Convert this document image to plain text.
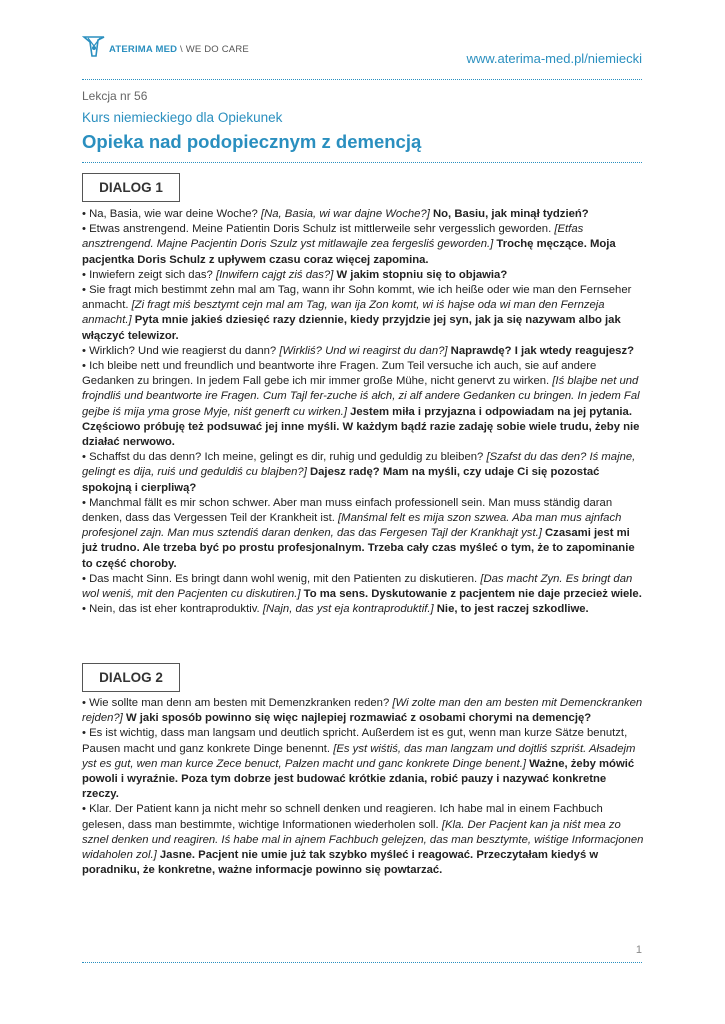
ATERIMA MED \ WE DO CARE
www.aterima-med.pl/niemiecki
Lekcja nr 56
Kurs niemieckiego dla Opiekunek
Opieka nad podopiecznym z demencją
DIALOG 1

• Na, Basia, wie war deine Woche? [Na, Basia, wi war dajne Woche?] No, Basiu, jak minął tydzień?

• Etwas anstrengend. Meine Patientin Doris Schulz ist mittlerweile sehr vergesslich geworden. [Etfas ansztrengend. Majne Pacjentin Doris Szulz yst mitlawajle zea fergesliś geworden.] Trochę męczące. Moja pacjentka Doris Schulz z upływem czasu coraz więcej zapomina.

• Inwiefern zeigt sich das? [Inwifern cajgt ziś das?] W jakim stopniu się to objawia?

• Sie fragt mich bestimmt zehn mal am Tag, wann ihr Sohn kommt, wie ich heiße oder wie man den Fernseher anmacht. [Zi fragt miś besztymt cejn mal am Tag, wan ija Zon komt, wi iś hajse oda wi man den Fernzeja anmacht.] Pyta mnie jakieś dziesięć razy dziennie, kiedy przyjdzie jej syn, jak ja się nazywam albo jak włączyć telewizor.

• Wirklich? Und wie reagierst du dann? [Wirkliś? Und wi reagirst du dan?] Naprawdę? I jak wtedy reagujesz?

• Ich bleibe nett und freundlich und beantworte ihre Fragen. Zum Teil versuche ich auch, sie auf andere Gedanken zu bringen. In jedem Fall gebe ich mir immer große Mühe, nicht genervt zu wirken. [Iś blajbe net und frojndliś und beantworte ire Fragen. Cum Tajl fer-zuche iś ałch, zi alf andere Gedanken cu bringen. In jedem Fal gejbe iś mija yma grose Myje, niśt generft cu wirken.] Jestem miła i przyjazna i odpowiadam na jej pytania. Częściowo próbuję też podsuwać jej inne myśli. W każdym bądź razie zadaję sobie wiele trudu, żeby nie działać nerwowo.

• Schaffst du das denn? Ich meine, gelingt es dir, ruhig und geduldig zu bleiben? [Szafst du das den? Iś majne, gelingt es dija, ruiś und geduldiś cu blajben?] Dajesz radę? Mam na myśli, czy udaje Ci się pozostać spokojną i cierpliwą?

• Manchmal fällt es mir schon schwer. Aber man muss einfach professionell sein. Man muss ständig daran denken, dass das Vergessen Teil der Krankheit ist. [Manśmal felt es mija szon szwea. Aba man mus ajnfach profesjonel zajn. Man mus sztendiś daran denken, das das Fergesen Tajl der Krankhajt yst.] Czasami jest mi już trudno. Ale trzeba być po prostu profesjonalnym. Trzeba cały czas myśleć o tym, że to zapominanie to część choroby.

• Das macht Sinn. Es bringt dann wohl wenig, mit den Patienten zu diskutieren. [Das macht Zyn. Es bringt dan wol weniś, mit den Pacjenten cu diskutiren.] To ma sens. Dyskutowanie z pacjentem nie daje przecież wiele.

• Nein, das ist eher kontraproduktiv. [Najn, das yst eja kontraproduktif.] Nie, to jest raczej szkodliwe.

DIALOG 2

• Wie sollte man denn am besten mit Demenzkranken reden? [Wi zolte man den am besten mit Demenckranken rejden?] W jaki sposób powinno się więc najlepiej rozmawiać z osobami chorymi na demencję?

• Es ist wichtig, dass man langsam und deutlich spricht. Außerdem ist es gut, wenn man kurze Sätze benutzt, Pausen macht und ganz konkrete Dinge benennt. [Es yst wiśtiś, das man langzam und dojtliś szpriśt. Ałsadejm yst es gut, wen man kurce Zece benuct, Pałzen macht und ganc konkrete Dinge benent.] Ważne, żeby mówić powoli i wyraźnie. Poza tym dobrze jest budować krótkie zdania, robić pauzy i nazywać konkretne rzeczy.

• Klar. Der Patient kann ja nicht mehr so schnell denken und reagieren. Ich habe mal in einem Fachbuch gelesen, dass man bestimmte, wichtige Informationen wiederholen soll. [Kla. Der Pacjent kan ja niśt mea zo sznel denken und reagiren. Iś habe mal in ajnem Fachbuch gelejzen, das man besztymte, wiśtige Informacjonen widaholen zol.] Jasne. Pacjent nie umie już tak szybko myśleć i reagować. Przeczytałam kiedyś w poradniku, że konkretne, ważne informacje powinno się powtarzać.

1
